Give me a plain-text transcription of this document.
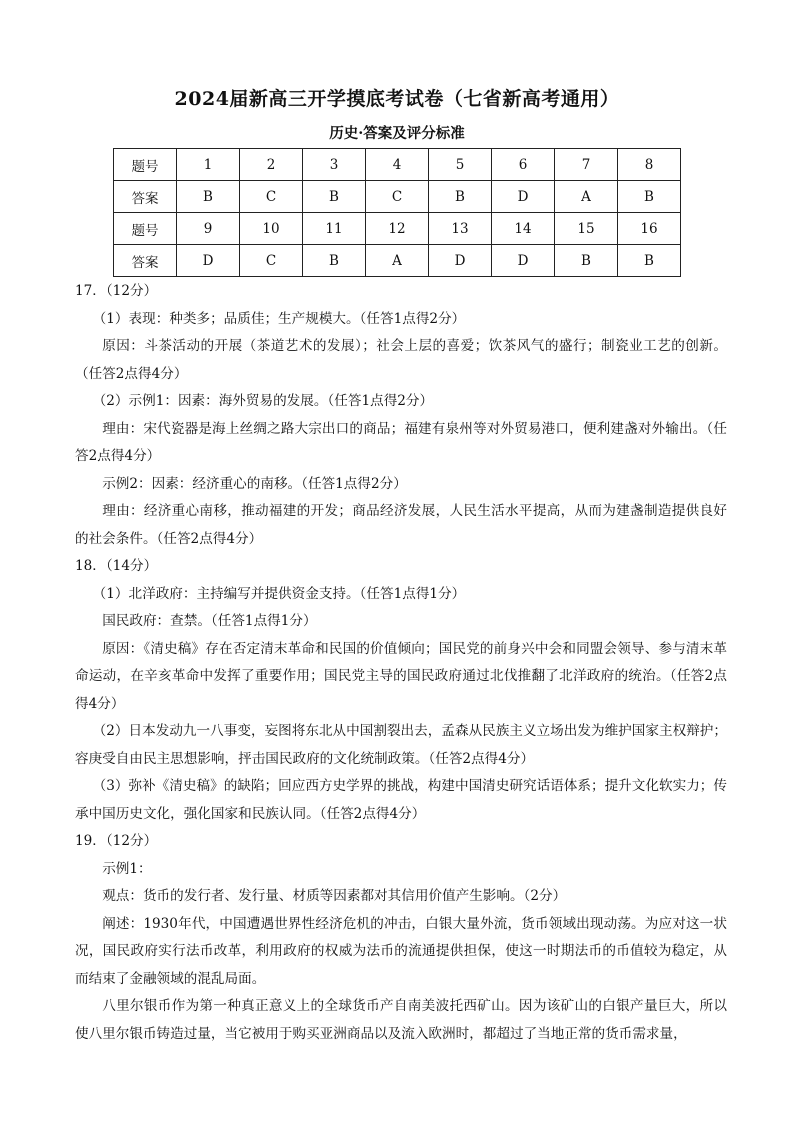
2024届新高三开学摸底考试卷（七省新高考通用）
历史·答案及评分标准
题号	1	2	3	4	5	6	7	8
答案	B	C	B	C	B	D	A	B
题号	9	10	11	12	13	14	15	16
答案	D	C	B	A	D	D	B	B

17．（12分）

（1）表现：种类多；品质佳；生产规模大。（任答1点得2分）

原因：斗茶活动的开展（茶道艺术的发展）；社会上层的喜爱；饮茶风气的盛行；制瓷业工艺的创新。（任答2点得4分）

（2）示例1：因素：海外贸易的发展。（任答1点得2分）

理由：宋代瓷器是海上丝绸之路大宗出口的商品；福建有泉州等对外贸易港口，便利建盏对外输出。（任答2点得4分）

示例2：因素：经济重心的南移。（任答1点得2分）

理由：经济重心南移，推动福建的开发；商品经济发展，人民生活水平提高，从而为建盏制造提供良好的社会条件。（任答2点得4分）

18．（14分）

（1）北洋政府：主持编写并提供资金支持。（任答1点得1分）

国民政府：查禁。（任答1点得1分）

原因：《清史稿》存在否定清末革命和民国的价值倾向；国民党的前身兴中会和同盟会领导、参与清末革命运动，在辛亥革命中发挥了重要作用；国民党主导的国民政府通过北伐推翻了北洋政府的统治。（任答2点得4分）

（2）日本发动九一八事变，妄图将东北从中国割裂出去，孟森从民族主义立场出发为维护国家主权辩护；容庚受自由民主思想影响，抨击国民政府的文化统制政策。（任答2点得4分）

（3）弥补《清史稿》的缺陷；回应西方史学界的挑战，构建中国清史研究话语体系；提升文化软实力；传承中国历史文化，强化国家和民族认同。（任答2点得4分）

19．（12分）

示例1：

观点：货币的发行者、发行量、材质等因素都对其信用价值产生影响。（2分）

阐述：1930年代，中国遭遇世界性经济危机的冲击，白银大量外流，货币领域出现动荡。为应对这一状况，国民政府实行法币改革，利用政府的权威为法币的流通提供担保，使这一时期法币的币值较为稳定，从而结束了金融领域的混乱局面。

八里尔银币作为第一种真正意义上的全球货币产自南美波托西矿山。因为该矿山的白银产量巨大，所以使八里尔银币铸造过量，当它被用于购买亚洲商品以及流入欧洲时，都超过了当地正常的货币需求量，
